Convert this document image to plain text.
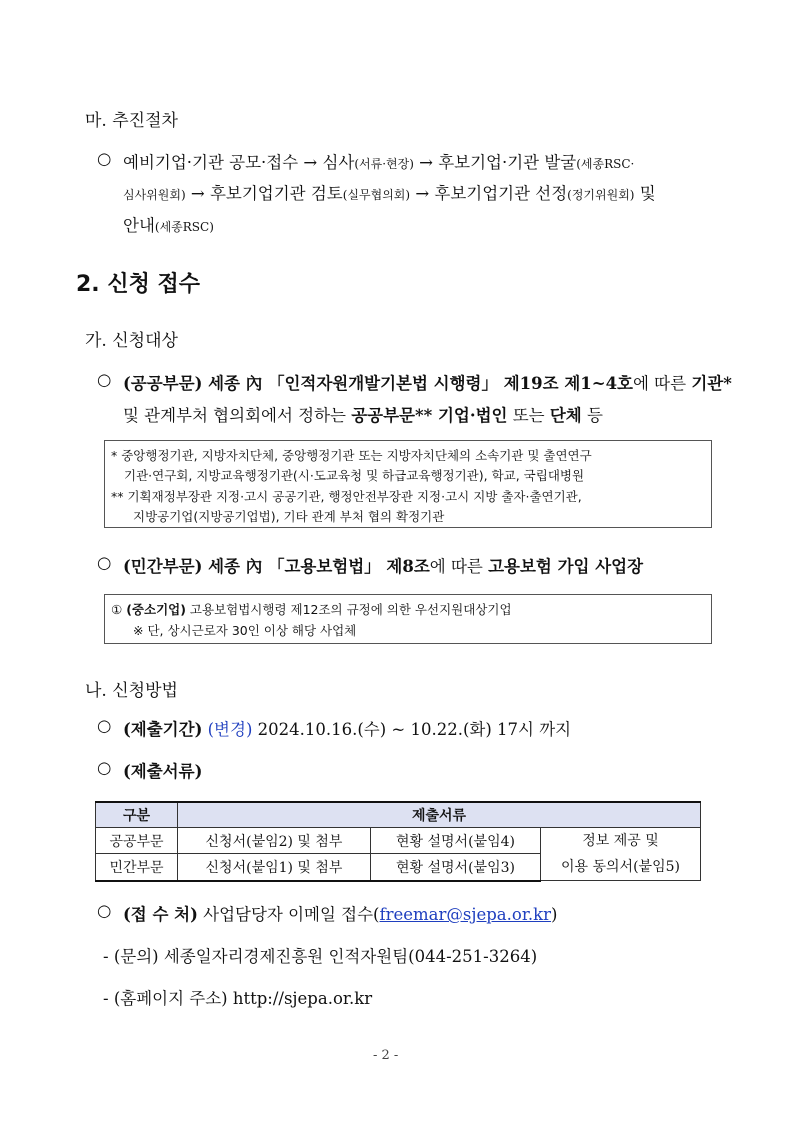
마. 추진절차
○ 예비기업·기관 공모·접수 → 심사(서류·현장) → 후보기업·기관 발굴(세종RSC·
심사위원회) → 후보기업기관 검토(실무협의회) → 후보기업기관 선정(정기위원회) 및
안내(세종RSC)
2. 신청 접수
가. 신청대상
○ (공공부문) 세종 內 「인적자원개발기본법 시행령」 제19조 제1~4호에 따른 기관*
및 관계부처 협의회에서 정하는 공공부문** 기업·법인 또는 단체 등
* 중앙행정기관, 지방자치단체, 중앙행정기관 또는 지방자치단체의 소속기관 및 출연연구
기관·연구회, 지방교육행정기관(시·도교육청 및 하급교육행정기관), 학교, 국립대병원
** 기획재정부장관 지정·고시 공공기관, 행정안전부장관 지정·고시 지방 출자·출연기관,
지방공기업(지방공기업법), 기타 관계 부처 협의 확정기관
○ (민간부문) 세종 內 「고용보험법」 제8조에 따른 고용보험 가입 사업장
① (중소기업) 고용보험법시행령 제12조의 규정에 의한 우선지원대상기업
※ 단, 상시근로자 30인 이상 해당 사업체
나. 신청방법
○ (제출기간) (변경) 2024.10.16.(수) ~ 10.22.(화) 17시 까지
○ (제출서류)
구분	제출서류		
공공부문	신청서(붙임2) 및 첨부	현황 설명서(붙임4)	정보 제공 및
이용 동의서(붙임5)

민간부문	신청서(붙임1) 및 첨부	현황 설명서(붙임3)	
○ (접 수 처) 사업담당자 이메일 접수(freemar@sjepa.or.kr)
- (문의) 세종일자리경제진흥원 인적자원팀(044-251-3264)
- (홈페이지 주소) http://sjepa.or.kr
- 2 -
